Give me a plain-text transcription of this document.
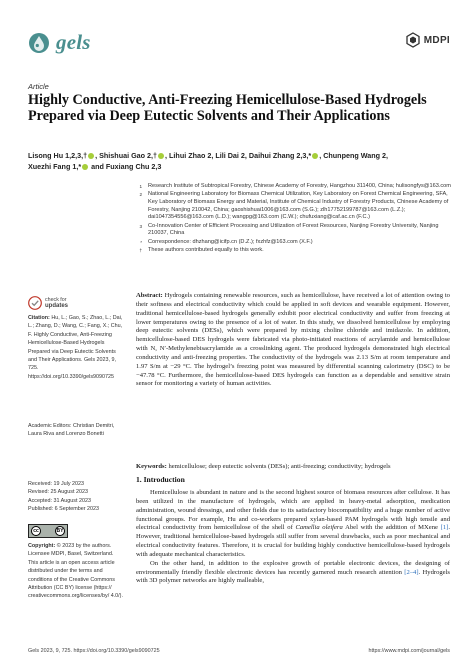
gels	MDPI
Article
Highly Conductive, Anti-Freezing Hemicellulose-Based Hydrogels Prepared via Deep Eutectic Solvents and Their Applications
Lisong Hu 1,2,3,† , Shishuai Gao 2,† , Lihui Zhao 2, Lili Dai 2, Daihui Zhang 2,3,* , Chunpeng Wang 2,
Xuezhi Fang 1,* and Fuxiang Chu 2,3
1 Research Institute of Subtropical Forestry, Chinese Academy of Forestry, Hangzhou 311400, China; hulisongfys@163.com
2 National Engineering Laboratory for Biomass Chemical Utilization, Key Laboratory on Forest Chemical Engineering, SFA, Key Laboratory of Biomass Energy and Material, Institute of Chemical Industry of Forestry Products, Chinese Academy of Forestry, Nanjing 210042, China; gaoshishuai1006@163.com (S.G.); zlh17752199787@163.com (L.Z.); dai1047354556@163.com (L.D.); wangpg@163.com (C.W.); chufuxiang@caf.ac.cn (F.C.)
3 Co-Innovation Center of Efficient Processing and Utilization of Forest Resources, Nanjing Forestry University, Nanjing 210037, China
* Correspondence: dhzhang@icifp.cn (D.Z.); fxzhfz@163.com (X.F.)
† These authors contributed equally to this work.
Abstract: Hydrogels containing renewable resources, such as hemicellulose, have received a lot of attention owing to their softness and electrical conductivity which could be applied in soft devices and wearable equipment. However, traditional hemicellulose-based hydrogels generally exhibit poor electrical conductivity and suffer from freezing at lower temperatures owing to the presence of a lot of water. In this study, we dissolved hemicellulose by employing deep eutectic solvents (DESs), which were prepared by mixing choline chloride and imidazole. In addition, hemicellulose-based DES hydrogels were fabricated via photo-initiated reactions of acrylamide and hemicellulose with N, N′-Methylenebisacrylamide as a crosslinking agent. The produced hydrogels demonstrated high electrical conductivity and anti-freezing properties. The conductivity of the hydrogels was 2.13 S/m at room temperature and 1.97 S/m at −29 °C. The hydrogel’s freezing point was measured by differential scanning calorimetry (DSC) to be −47.78 °C. Furthermore, the hemicellulose-based DES hydrogels can function as a dependable and sensitive strain sensor for monitoring a variety of human activities.
Keywords: hemicellulose; deep eutectic solvents (DESs); anti-freezing; conductivity; hydrogels
check for
updates
Citation: Hu, L.; Gao, S.; Zhao, L.; Dai, L.; Zhang, D.; Wang, C.; Fang, X.; Chu, F. Highly Conductive, Anti-Freezing Hemicellulose-Based Hydrogels Prepared via Deep Eutectic Solvents and Their Applications. Gels 2023, 9, 725. https://doi.org/10.3390/gels9090725
Academic Editors: Christian Demitri, Laura Riva and Lorenzo Bonetti
Received: 19 July 2023
Revised: 25 August 2023
Accepted: 31 August 2023
Published: 6 September 2023
cc	BY
Copyright: © 2023 by the authors. Licensee MDPI, Basel, Switzerland. This article is an open access article distributed under the terms and conditions of the Creative Commons Attribution (CC BY) license (https:// creativecommons.org/licenses/by/ 4.0/).
1. Introduction

Hemicellulose is abundant in nature and is the second highest source of biomass resources after cellulose. It has been utilized in the manufacture of hydrogels, which are applied in heavy-metal adsorption, medication administration, wound dressings, and other fields due to its satisfactory biocompatibility and a huge number of active functional groups. For example, Hu and co-workers prepared xylan-based PAM hydrogels with high tensile and electrical conductivity from hemicellulose of the shell of Camellia oleifera Abel with the addition of MXene [1]. However, traditional hemicellulose-based hydrogels still suffer from several drawbacks, such as poor mechanical and electrical conductivity features. Therefore, it is crucial for building highly conductive hemicellulose-based hydrogels with adequate mechanical characteristics.

On the other hand, in addition to the explosive growth of portable electronic devices, the designing of environmentally friendly flexible electronic devices has recently garnered much research attention [2–4]. Hydrogels with 3D polymer networks are highly malleable,

Gels 2023, 9, 725. https://doi.org/10.3390/gels9090725	https://www.mdpi.com/journal/gels
